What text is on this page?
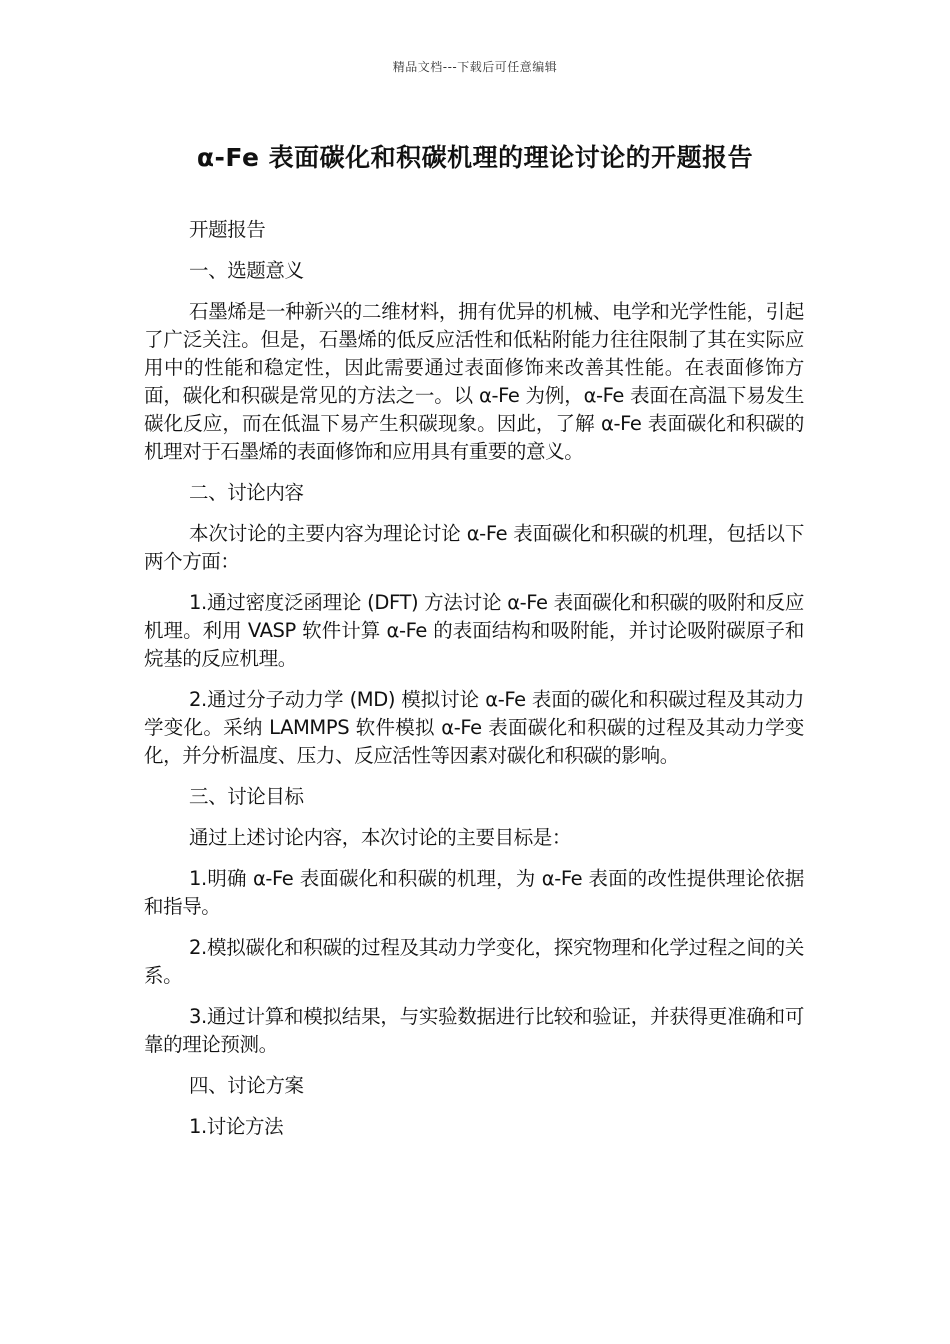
精品文档---下载后可任意编辑
α-Fe 表面碳化和积碳机理的理论讨论的开题报告

开题报告

一、选题意义

石墨烯是一种新兴的二维材料，拥有优异的机械、电学和光学性能，引起了广泛关注。但是，石墨烯的低反应活性和低粘附能力往往限制了其在实际应用中的性能和稳定性，因此需要通过表面修饰来改善其性能。在表面修饰方面，碳化和积碳是常见的方法之一。以 α-Fe 为例，α-Fe 表面在高温下易发生碳化反应，而在低温下易产生积碳现象。因此，了解 α-Fe 表面碳化和积碳的机理对于石墨烯的表面修饰和应用具有重要的意义。

二、讨论内容

本次讨论的主要内容为理论讨论 α-Fe 表面碳化和积碳的机理，包括以下两个方面：

1.通过密度泛函理论 (DFT) 方法讨论 α-Fe 表面碳化和积碳的吸附和反应机理。利用 VASP 软件计算 α-Fe 的表面结构和吸附能，并讨论吸附碳原子和烷基的反应机理。

2.通过分子动力学 (MD) 模拟讨论 α-Fe 表面的碳化和积碳过程及其动力学变化。采纳 LAMMPS 软件模拟 α-Fe 表面碳化和积碳的过程及其动力学变化，并分析温度、压力、反应活性等因素对碳化和积碳的影响。

三、讨论目标

通过上述讨论内容，本次讨论的主要目标是：

1.明确 α-Fe 表面碳化和积碳的机理，为 α-Fe 表面的改性提供理论依据和指导。

2.模拟碳化和积碳的过程及其动力学变化，探究物理和化学过程之间的关系。

3.通过计算和模拟结果，与实验数据进行比较和验证，并获得更准确和可靠的理论预测。

四、讨论方案

1.讨论方法
